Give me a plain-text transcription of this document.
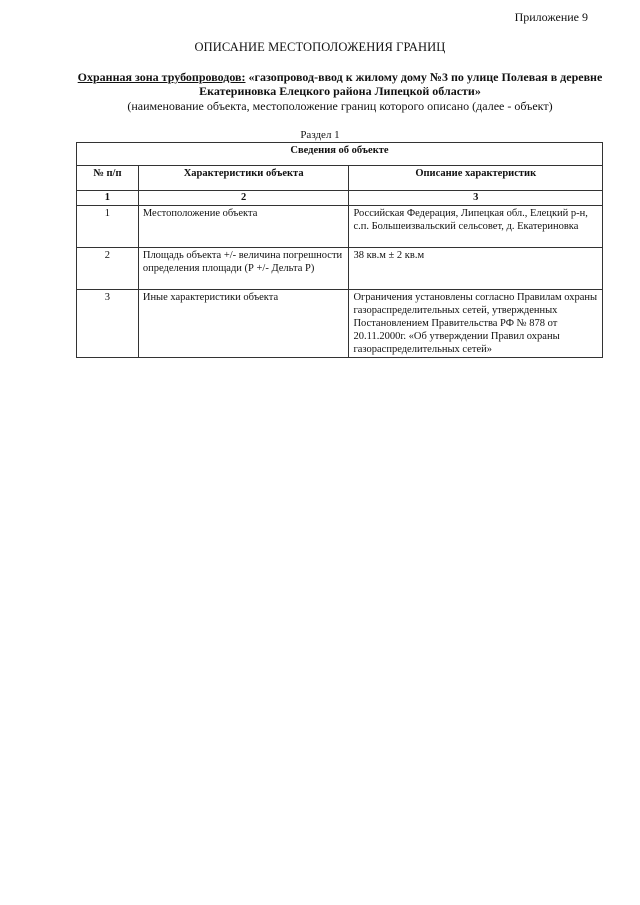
Приложение 9
ОПИСАНИЕ МЕСТОПОЛОЖЕНИЯ ГРАНИЦ
Охранная зона трубопроводов: «газопровод-ввод к жилому дому №3 по улице Полевая в деревне Екатериновка Елецкого района Липецкой области»
(наименование объекта, местоположение границ которого описано (далее - объект)
Раздел 1
Сведения об объекте		
№ п/п	Характеристики объекта	Описание характеристик
1	2	3
1	Местоположение объекта	Российская Федерация, Липецкая обл., Елецкий р-н, с.п. Большеизвальский сельсовет, д. Екатериновка
2	Площадь объекта +/- величина погрешности определения площади (Р +/- Дельта Р)	38 кв.м ± 2 кв.м
3	Иные характеристики объекта	Ограничения установлены согласно Правилам охраны газораспределительных сетей, утвержденных Постановлением Правительства РФ № 878 от 20.11.2000г. «Об утверждении Правил охраны газораспределительных сетей»
